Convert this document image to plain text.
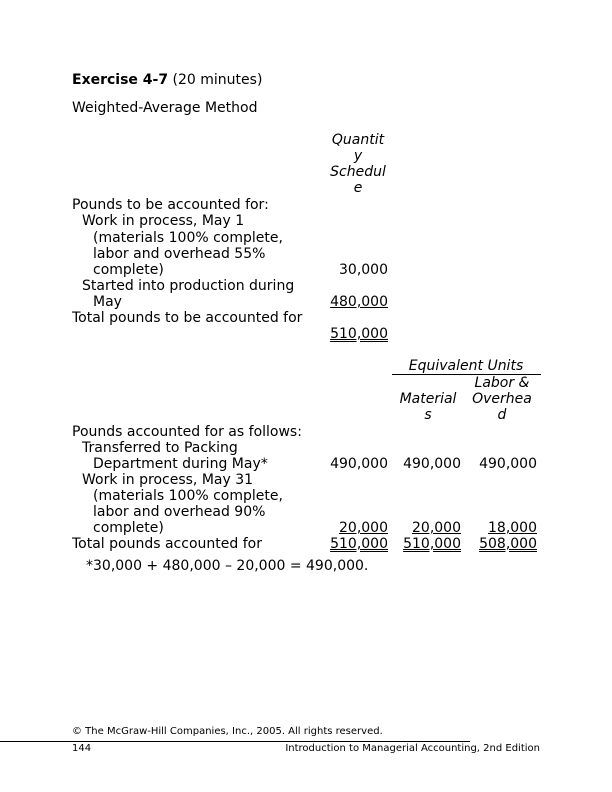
Exercise 4-7 (20 minutes)
Weighted-Average Method
Quantit
y
Schedul
e
Pounds to be accounted for:
Work in process, May 1
(materials 100% complete,
labor and overhead 55%
complete)	30,000
Started into production during
May	480,000
Total pounds to be accounted for
510,000
Equivalent Units
Material
s
Labor &
Overhea
d
Pounds accounted for as follows:
Transferred to Packing
Department during May*	490,000 490,000 490,000
Work in process, May 31
(materials 100% complete,
labor and overhead 90%
complete)	20,000 20,000 18,000
Total pounds accounted for	510,000 510,000 508,000
*30,000 + 480,000 – 20,000 = 490,000.
© The McGraw-Hill Companies, Inc., 2005. All rights reserved.
144	Introduction to Managerial Accounting, 2nd Edition
